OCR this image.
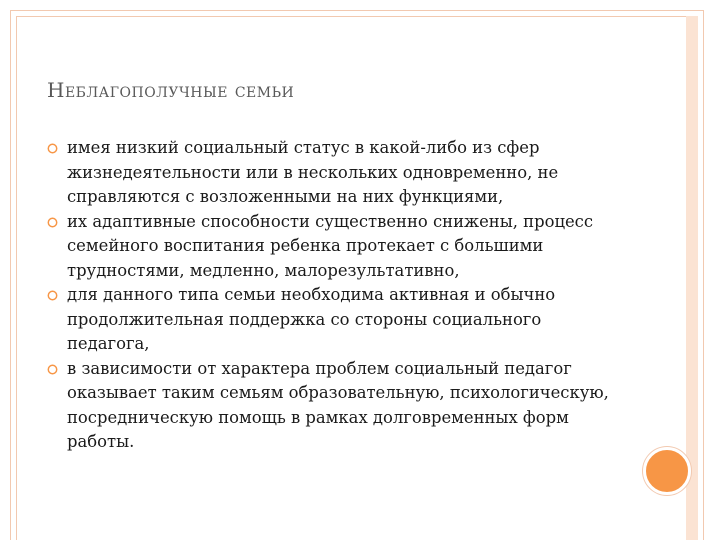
Неблагополучные семьи
имея низкий социальный статус в какой-либо из сфер жизнедеятельности или в нескольких одновременно, не справляются с возложенными на них функциями,
их адаптивные способности существенно снижены, процесс семейного воспитания ребенка протекает с большими трудностями, медленно, малорезультативно,
для данного типа семьи необходима активная и обычно продолжительная поддержка со стороны социального педагога,
в зависимости от характера проблем социальный педагог оказывает таким семьям образовательную, психологическую, посредническую помощь в рамках долговременных форм работы.
